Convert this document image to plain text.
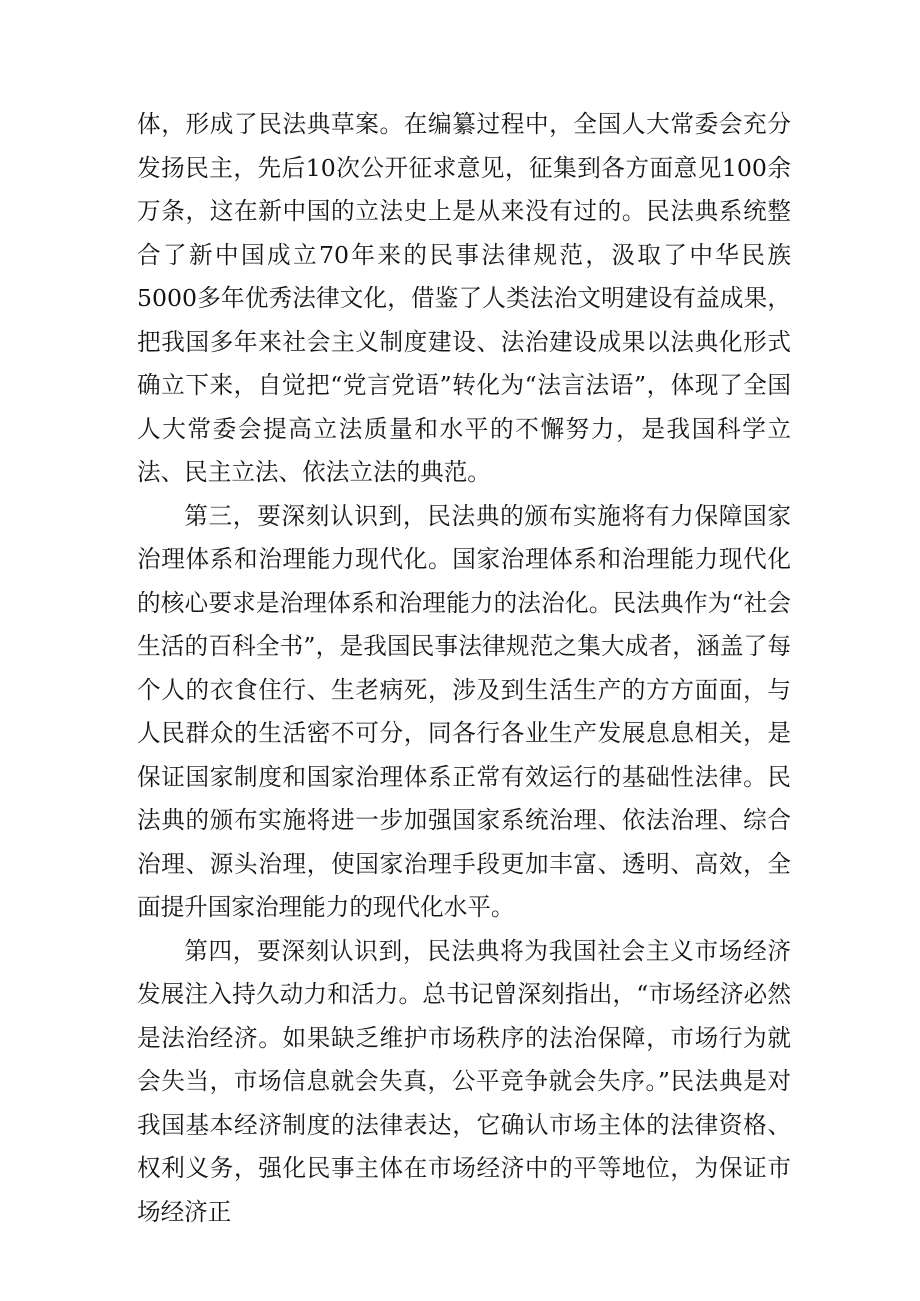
体，形成了民法典草案。在编纂过程中，全国人大常委会充分发扬民主，先后10次公开征求意见，征集到各方面意见100余万条，这在新中国的立法史上是从来没有过的。民法典系统整合了新中国成立70年来的民事法律规范，汲取了中华民族5000多年优秀法律文化，借鉴了人类法治文明建设有益成果，把我国多年来社会主义制度建设、法治建设成果以法典化形式确立下来，自觉把“党言党语”转化为“法言法语”，体现了全国人大常委会提高立法质量和水平的不懈努力，是我国科学立法、民主立法、依法立法的典范。

第三，要深刻认识到，民法典的颁布实施将有力保障国家治理体系和治理能力现代化。国家治理体系和治理能力现代化的核心要求是治理体系和治理能力的法治化。民法典作为“社会生活的百科全书”，是我国民事法律规范之集大成者，涵盖了每个人的衣食住行、生老病死，涉及到生活生产的方方面面，与人民群众的生活密不可分，同各行各业生产发展息息相关，是保证国家制度和国家治理体系正常有效运行的基础性法律。民法典的颁布实施将进一步加强国家系统治理、依法治理、综合治理、源头治理，使国家治理手段更加丰富、透明、高效，全面提升国家治理能力的现代化水平。

第四，要深刻认识到，民法典将为我国社会主义市场经济发展注入持久动力和活力。总书记曾深刻指出，“市场经济必然是法治经济。如果缺乏维护市场秩序的法治保障，市场行为就会失当，市场信息就会失真，公平竞争就会失序。”民法典是对我国基本经济制度的法律表达，它确认市场主体的法律资格、权利义务，强化民事主体在市场经济中的平等地位，为保证市场经济正
